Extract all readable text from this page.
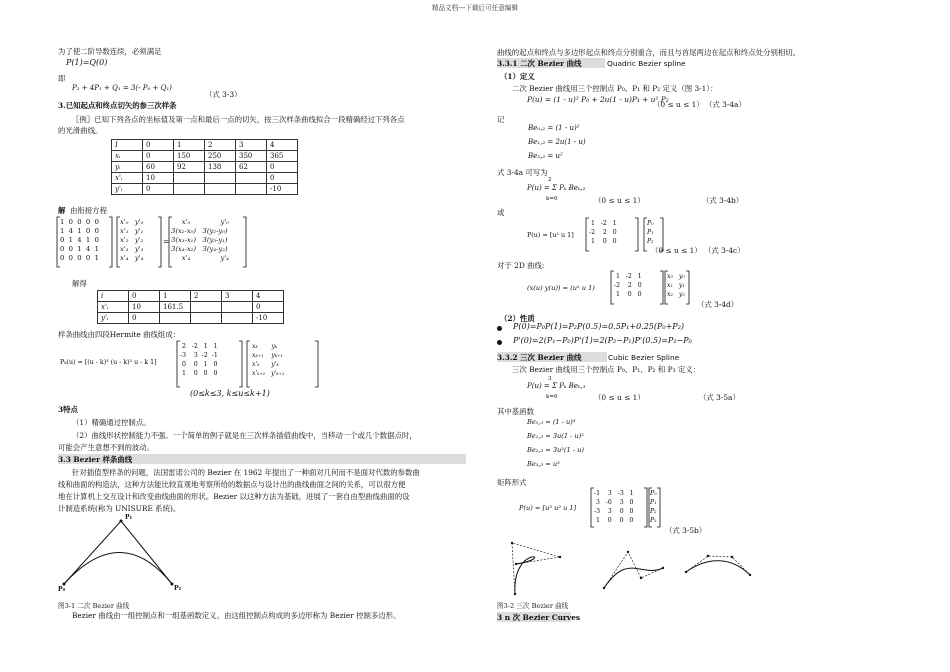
精品文档---下载后可任意编辑
为了使二阶导数连续，必须满足
P(1)=Q(0)
即
P₂ + 4P₁ + Q₁ = 3(- P₀ + Q₁)
（式 3-3）
3.已知起点和终点切矢的参三次样条
〖例〗已知下列各点的坐标值及第一点和最后一点的切矢，按三次样条曲线拟合一段精确经过下列各点
的光滑曲线。
I	0	1	2	3	4
xᵢ	0	150	250	350	365
yᵢ	60	92	138	62	0
x'ᵢ	10				0
y'ᵢ	0				-10
解 由衔接方程
1  0  0  0  0
1  4  1  0  0
0  1  4  1  0
0  0  1  4  1
0  0  0  0  1
x'₀   y'₀
x'₁   y'₁
x'₂   y'₂
x'₃   y'₃
x'₄   y'₄
=
x'₀              y'₀
3(x₂-x₀)   3(y₂-y₀)
3(x₃-x₁)   3(y₃-y₁)
3(x₄-x₂)   3(y₄-y₂)
x'₄              y'₄
解得
i	0	1	2	3	4
x'ᵢ	10	161.5			0
y'ᵢ	0				-10
样条曲线由四段Hermite 曲线组成：
Pₖ(u) = [(u - k)³ (u - k)² u - k 1]
2   -2   1   1
-3    3  -2  -1
0    0   1   0
1    0   0   0
xₖ       yₖ
xₖ₊₁    yₖ₊₁
x'ₖ      y'ₖ
x'ₖ₊₁   y'ₖ₊₁
(0≤k≤3, k≤u≤k+1)
3特点
（1）精确通过控制点。
（2）曲线形状控制能力不强。一个简单的例子就是在三次样条插值曲线中，当移动一个或几个数据点时，
可能会产生意想不到的波动。
3.3 Bezier 样条曲线
针对插值型样条的问题，法国雷诺公司的 Bezier 在 1962 年提出了一种面对几何而不是面对代数的参数曲
线和曲面的构造法，这种方法能比较直观地考察所给的数据点与设计出的曲线曲面之间的关系，可以很方便
地在计算机上交互设计和改变曲线曲面的形状。Bezier 以这种方法为基础，进展了一套自由型曲线曲面的设
计制造系统(称为 UNISURE 系统)。
P₀
P₁
P₂
图3-1 二次 Bezier 曲线
Bezier 曲线由一组控制点和一组基函数定义。由这组控制点构成的多边形称为 Bezier 控制多边形。
曲线的起点和终点与多边形起点和终点分别重合，而且与首尾两边在起点和终点处分别相切。
3.3.1 二次 Bezier 曲线	Quadric Bezier spline
（1）定义
二次 Bezier 曲线用三个控制点 P₀、P₁ 和 P₂ 定义（图 3-1）：
P(u) = (1 - u)² P₀ + 2u(1 - u)P₁ + u² P₂
（0 ≤ u ≤ 1） （式 3-4a）
记
Be₀,₂ = (1 - u)²
Be₁,₂ = 2u(1 - u)
Be₂,₂ = u²
式 3-4a 可写为
2
P(u) = Σ Pₖ Beₖ,₂
k=0	（0 ≤ u ≤ 1）	（式 3-4b）
或
P(u) = [u² u 1]
1   -2   1
-2    2   0
1    0   0
P₀
P₁
P₂
（0 ≤ u ≤ 1） （式 3-4c）
对于 2D 曲线:
(x(u) y(u)) = (u² u 1)
1   -2   1
-2    2   0
1    0   0
x₀   y₀
x₁   y₁
x₂   y₂
（式 3-4d）
（2）性质
P(0)=P₀P(1)=P₂P(0.5)=0.5P₁+0.25(P₀+P₂)
P'(0)=2(P₁−P₀)P'(1)=2(P₂−P₁)P'(0.5)=P₂−P₀
3.3.2 三次 Bezier 曲线	Cubic Bezier Spline
三次 Bezier 曲线用三个控制点 P₀、P₁、P₂ 和 P₃ 定义：
3
P(u) = Σ Pₖ Beₖ,₃
k=0	（0 ≤ u ≤ 1）	（式 3-5a）
其中基函数
Be₀,₃ = (1 - u)³
Be₁,₃ = 3u(1 - u)²
Be₂,₃ = 3u²(1 - u)
Be₃,₃ = u³
矩阵形式
P(u) = [u³ u² u 1]
-1    3   -3   1
3   -6    3   0
-3    3    0   0
1    0    0   0
P₀
P₁
P₂
P₃
（式 3-5b）
图3-2 三次 Bezier 曲线
3 n 次 Bezier Curves
